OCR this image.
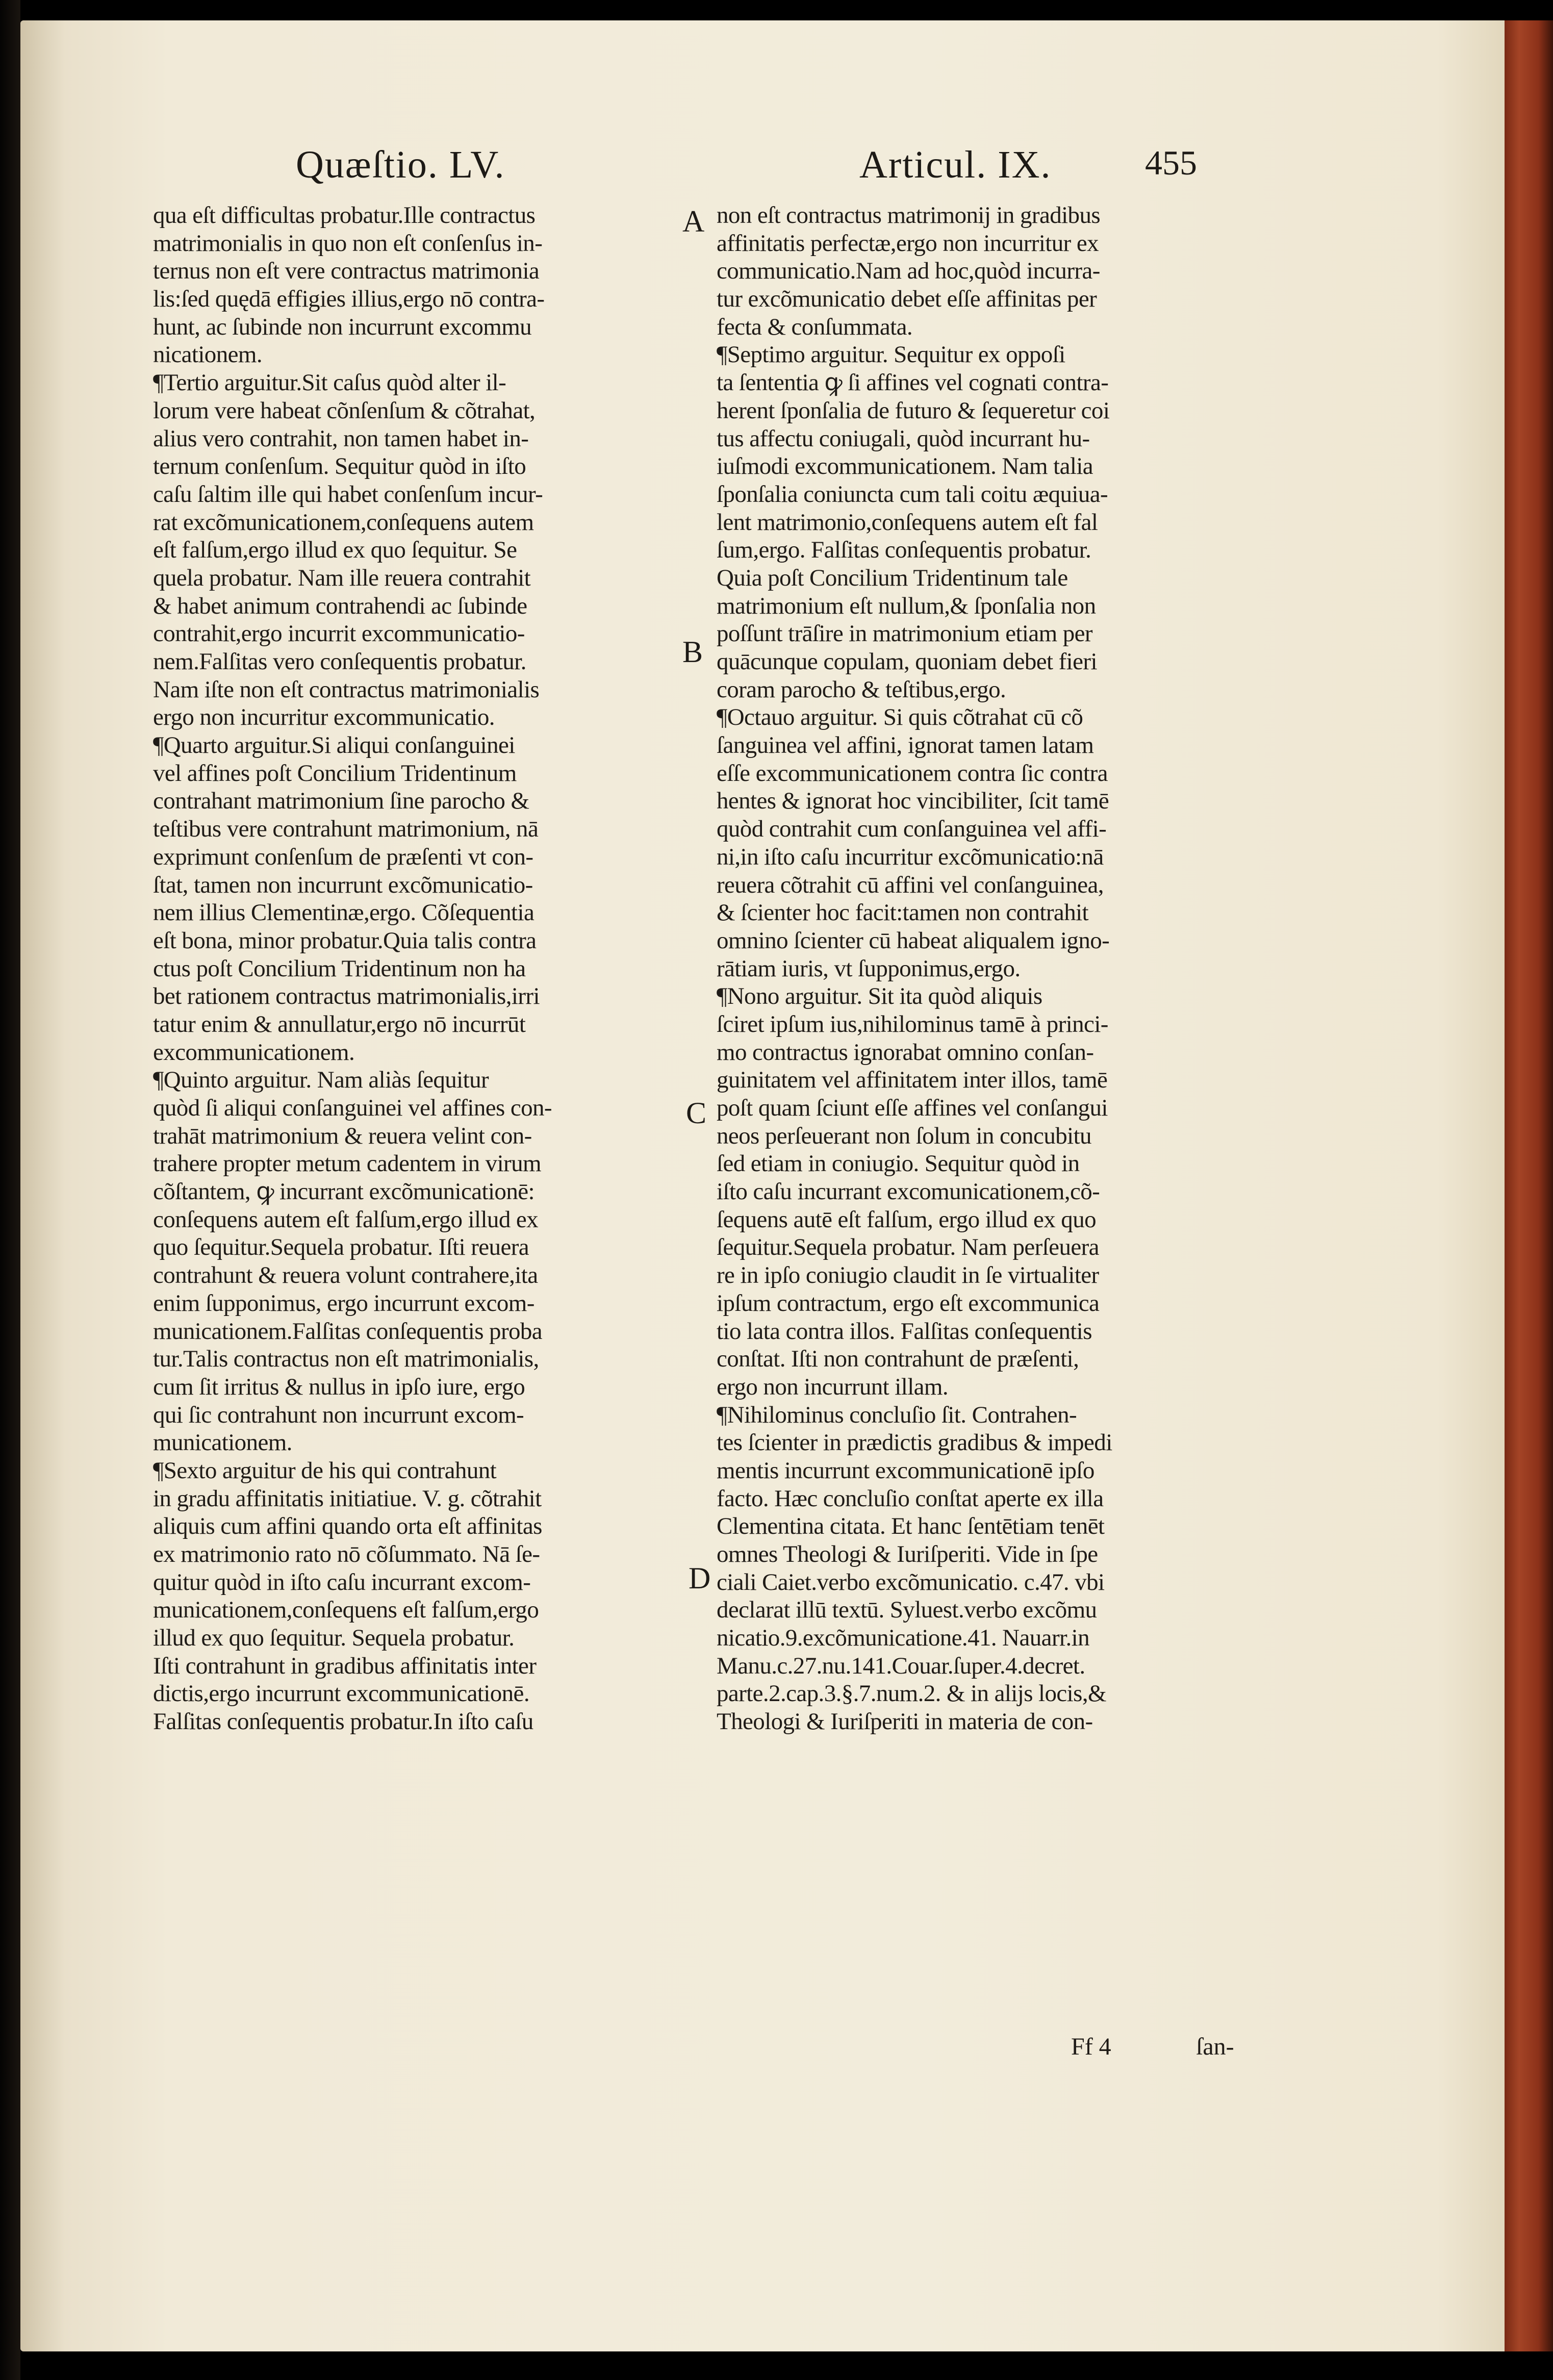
Quæſtio. LV.	Articul. IX.	455
qua eſt difficultas probatur.Ille contractus
matrimonialis in quo non eſt conſenſus in-
ternus non eſt vere contractus matrimonia
lis:ſed quędā effigies illius,ergo nō contra-
hunt, ac ſubinde non incurrunt excommu
nicationem.
¶Tertio arguitur.Sit caſus quòd alter il-
lorum vere habeat cõnſenſum & cõtrahat,
alius vero contrahit, non tamen habet in-
ternum conſenſum. Sequitur quòd in iſto
caſu ſaltim ille qui habet conſenſum incur-
rat excõmunicationem,conſequens autem
eſt falſum,ergo illud ex quo ſequitur. Se
quela probatur. Nam ille reuera contrahit
& habet animum contrahendi ac ſubinde
contrahit,ergo incurrit excommunicatio-
nem.Falſitas vero conſequentis probatur.
Nam iſte non eſt contractus matrimonialis
ergo non incurritur excommunicatio.
¶Quarto arguitur.Si aliqui conſanguinei
vel affines poſt Concilium Tridentinum
contrahant matrimonium ſine parocho &
teſtibus vere contrahunt matrimonium, nā
exprimunt conſenſum de præſenti vt con-
ſtat, tamen non incurrunt excõmunicatio-
nem illius Clementinæ,ergo. Cõſequentia
eſt bona, minor probatur.Quia talis contra
ctus poſt Concilium Tridentinum non ha
bet rationem contractus matrimonialis,irri
tatur enim & annullatur,ergo nō incurrūt
excommunicationem.
¶Quinto arguitur. Nam aliàs ſequitur
quòd ſi aliqui conſanguinei vel affines con-
trahāt matrimonium & reuera velint con-
trahere propter metum cadentem in virum
cõſtantem, ꝙ incurrant excõmunicationē:
conſequens autem eſt falſum,ergo illud ex
quo ſequitur.Sequela probatur. Iſti reuera
contrahunt & reuera volunt contrahere,ita
enim ſupponimus, ergo incurrunt excom-
municationem.Falſitas conſequentis proba
tur.Talis contractus non eſt matrimonialis,
cum ſit irritus & nullus in ipſo iure, ergo
qui ſic contrahunt non incurrunt excom-
municationem.
¶Sexto arguitur de his qui contrahunt
in gradu affinitatis initiatiue. V. g. cõtrahit
aliquis cum affini quando orta eſt affinitas
ex matrimonio rato nō cõſummato. Nā ſe-
quitur quòd in iſto caſu incurrant excom-
municationem,conſequens eſt falſum,ergo
illud ex quo ſequitur. Sequela probatur.
Iſti contrahunt in gradibus affinitatis inter
dictis,ergo incurrunt excommunicationē.
Falſitas conſequentis probatur.In iſto caſu
non eſt contractus matrimonij in gradibus
affinitatis perfectæ,ergo non incurritur ex
communicatio.Nam ad hoc,quòd incurra-
tur excõmunicatio debet eſſe affinitas per
fecta & conſummata.
¶Septimo arguitur. Sequitur ex oppoſi
ta ſententia ꝙ ſi affines vel cognati contra-
herent ſponſalia de futuro & ſequeretur coi
tus affectu coniugali, quòd incurrant hu-
iuſmodi excommunicationem. Nam talia
ſponſalia coniuncta cum tali coitu æquiua-
lent matrimonio,conſequens autem eſt fal
ſum,ergo. Falſitas conſequentis probatur.
Quia poſt Concilium Tridentinum tale
matrimonium eſt nullum,& ſponſalia non
poſſunt trāſire in matrimonium etiam per
quācunque copulam, quoniam debet fieri
coram parocho & teſtibus,ergo.
¶Octauo arguitur. Si quis cõtrahat cū cõ
ſanguinea vel affini, ignorat tamen latam
eſſe excommunicationem contra ſic contra
hentes & ignorat hoc vincibiliter, ſcit tamē
quòd contrahit cum conſanguinea vel affi-
ni,in iſto caſu incurritur excõmunicatio:nā
reuera cõtrahit cū affini vel conſanguinea,
& ſcienter hoc facit:tamen non contrahit
omnino ſcienter cū habeat aliqualem igno-
rātiam iuris, vt ſupponimus,ergo.
¶Nono arguitur. Sit ita quòd aliquis
ſciret ipſum ius,nihilominus tamē à princi-
mo contractus ignorabat omnino conſan-
guinitatem vel affinitatem inter illos, tamē
poſt quam ſciunt eſſe affines vel conſangui
neos perſeuerant non ſolum in concubitu
ſed etiam in coniugio. Sequitur quòd in
iſto caſu incurrant excomunicationem,cõ-
ſequens autē eſt falſum, ergo illud ex quo
ſequitur.Sequela probatur. Nam perſeuera
re in ipſo coniugio claudit in ſe virtualiter
ipſum contractum, ergo eſt excommunica
tio lata contra illos. Falſitas conſequentis
conſtat. Iſti non contrahunt de præſenti,
ergo non incurrunt illam.
¶Nihilominus concluſio ſit. Contrahen-
tes ſcienter in prædictis gradibus & impedi
mentis incurrunt excommunicationē ipſo
facto. Hæc concluſio conſtat aperte ex illa
Clementina citata. Et hanc ſentētiam tenēt
omnes Theologi & Iuriſperiti. Vide in ſpe
ciali Caiet.verbo excõmunicatio. c.47. vbi
declarat illū textū. Syluest.verbo excõmu
nicatio.9.excõmunicatione.41. Nauarr.in
Manu.c.27.nu.141.Couar.ſuper.4.decret.
parte.2.cap.3.§.7.num.2. & in alijs locis,&
Theologi & Iuriſperiti in materia de con-
A
B
C
D
Ff 4	ſan-
